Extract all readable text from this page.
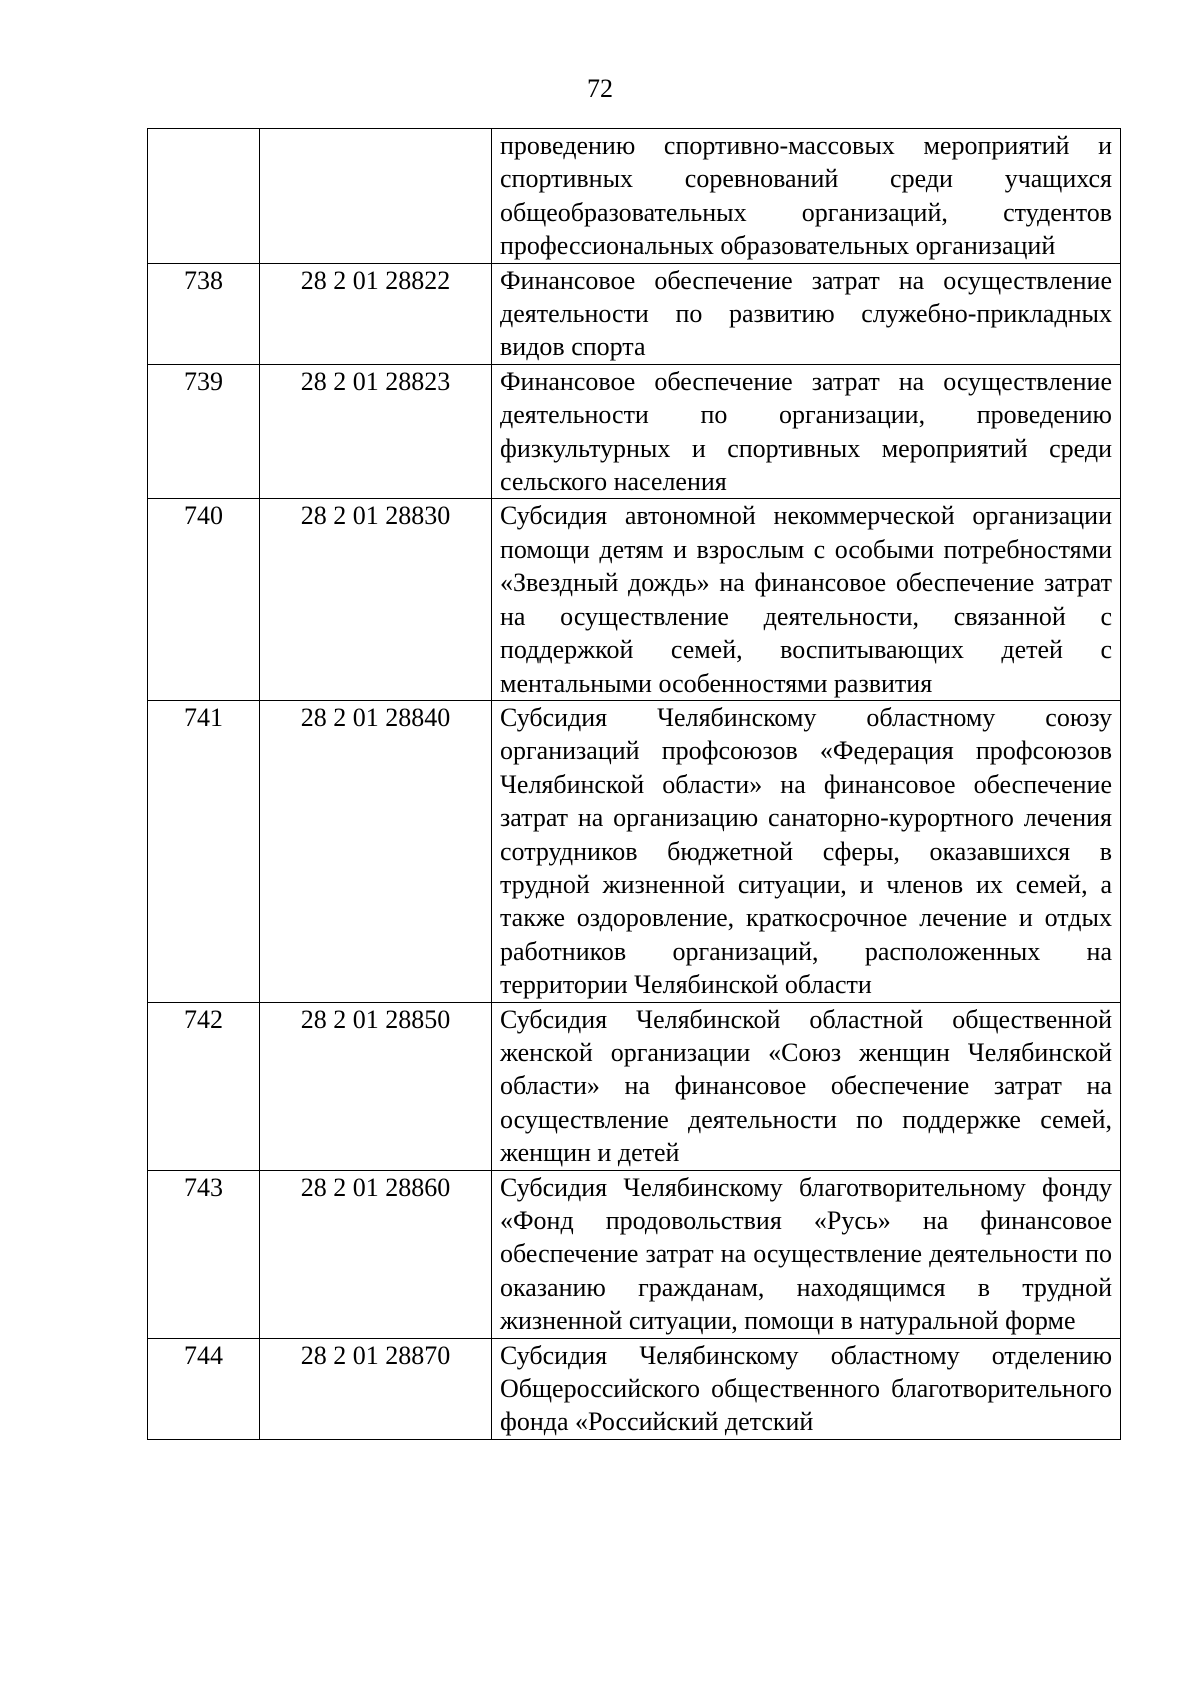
72
		проведению спортивно-массовых мероприятий и спортивных соревнований среди учащихся общеобразовательных организаций, студентов профессиональных образовательных организаций
738	28 2 01 28822	Финансовое обеспечение затрат на осуществление деятельности по развитию служебно-прикладных видов спорта
739	28 2 01 28823	Финансовое обеспечение затрат на осуществление деятельности по организации, проведению физкультурных и спортивных мероприятий среди сельского населения
740	28 2 01 28830	Субсидия автономной некоммерческой организации помощи детям и взрослым с особыми потребностями «Звездный дождь» на финансовое обеспечение затрат на осуществление деятельности, связанной с поддержкой семей, воспитывающих детей с ментальными особенностями развития
741	28 2 01 28840	Субсидия Челябинскому областному союзу организаций профсоюзов «Федерация профсоюзов Челябинской области» на финансовое обеспечение затрат на организацию санаторно-курортного лечения сотрудников бюджетной сферы, оказавшихся в трудной жизненной ситуации, и членов их семей, а также оздоровление, краткосрочное лечение и отдых работников организаций, расположенных на территории Челябинской области
742	28 2 01 28850	Субсидия Челябинской областной общественной женской организации «Союз женщин Челябинской области» на финансовое обеспечение затрат на осуществление деятельности по поддержке семей, женщин и детей
743	28 2 01 28860	Субсидия Челябинскому благотворительному фонду «Фонд продовольствия «Русь» на финансовое обеспечение затрат на осуществление деятельности по оказанию гражданам, находящимся в трудной жизненной ситуации, помощи в натуральной форме
744	28 2 01 28870	Субсидия Челябинскому областному отделению Общероссийского общественного благотворительного фонда «Российский детский
